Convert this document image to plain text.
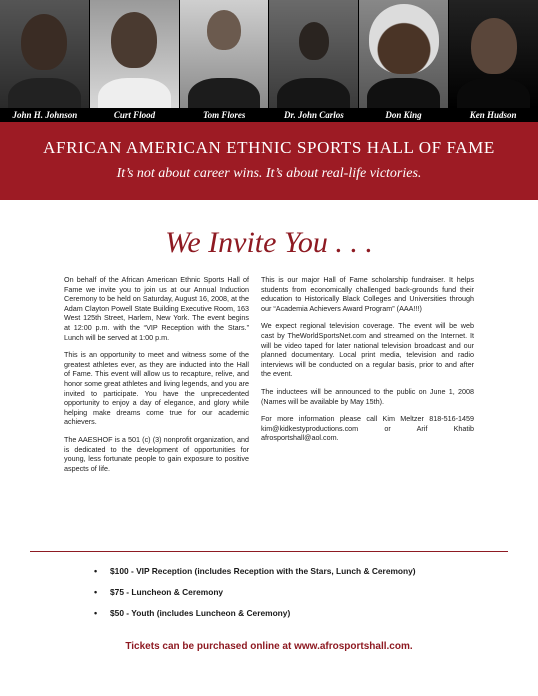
John H. Johnson	Curt Flood	Tom Flores	Dr. John Carlos	Don King	Ken Hudson
AFRICAN AMERICAN ETHNIC SPORTS HALL OF FAME
It’s not about career wins. It’s about real-life victories.
We Invite You . . .

On behalf of the African American Ethnic Sports Hall of Fame we invite you to join us at our Annual Induction Ceremony to be held on Saturday, August 16, 2008, at the Adam Clayton Powell State Building Executive Room, 163 West 125th Street, Harlem, New York. The event begins at 12:00 p.m. with the “VIP Reception with the Stars.” Lunch will be served at 1:00 p.m.

This is an opportunity to meet and witness some of the greatest athletes ever, as they are inducted into the Hall of Fame. This event will allow us to recapture, relive, and honor some great athletes and living legends, and you are invited to participate. You have the unprecedented opportunity to enjoy a day of elegance, and glory while helping make dreams come true for our academic achievers.

The AAESHOF is a 501 (c) (3) nonprofit organization, and is dedicated to the development of opportunities for young, less fortunate people to gain exposure to positive aspects of life.

This is our major Hall of Fame scholarship fundraiser. It helps students from economically challenged back-grounds fund their education to Historically Black Colleges and Universities through our “Academia Achievers Award Program” (AAA!!!)

We expect regional television coverage. The event will be web cast by TheWorldSportsNet.com and streamed on the Internet. It will be video taped for later national television broadcast and our planned documentary. Local print media, television and radio interviews will be conducted on a regular basis, prior to and after the event.

The inductees will be announced to the public on June 1, 2008 (Names will be available by May 15th).

For more information please call Kim Meltzer 818-516-1459 kim@kidkestyproductions.com or Arif Khatib afrosportshall@aol.com.

• $100 - VIP Reception (includes Reception with the Stars, Lunch & Ceremony)
• $75 - Luncheon & Ceremony
• $50 - Youth (includes Luncheon & Ceremony)
Tickets can be purchased online at www.afrosportshall.com.
